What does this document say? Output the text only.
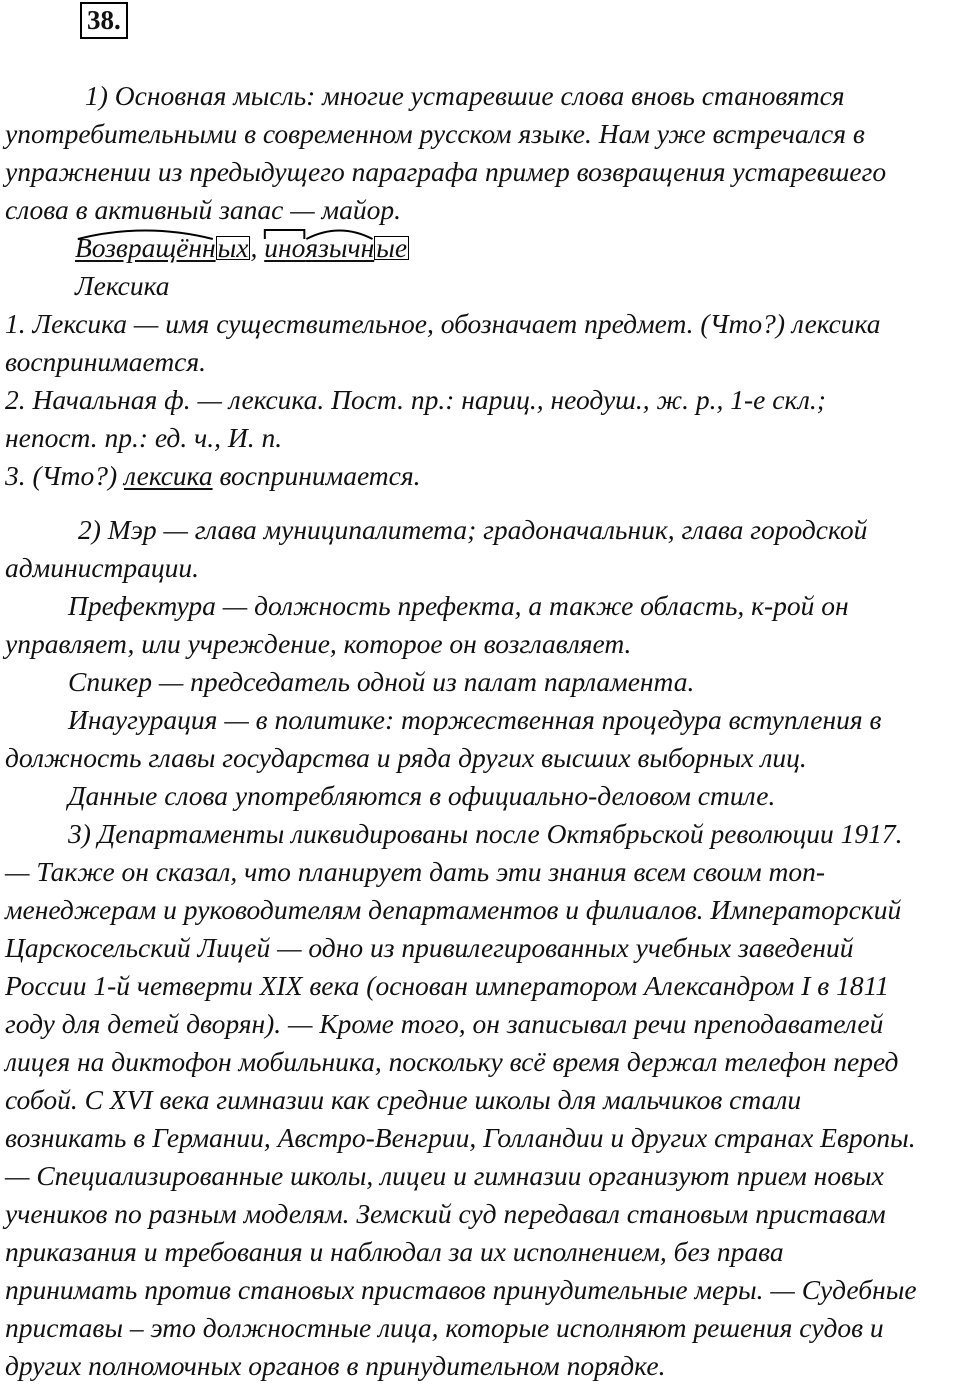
38.
1) Основная мысль: многие устаревшие слова вновь становятся
употребительными в современном русском языке. Нам уже встречался в
упражнении из предыдущего параграфа пример возвращения устаревшего
слова в активный запас — майор.
Возвращённых,
ино
язычные
Лексика
1. Лексика — имя существительное, обозначает предмет. (Что?) лексика
воспринимается.
2. Начальная ф. — лексика. Пост. пр.: нариц., неодуш., ж. р., 1-е скл.;
непост. пр.: ед. ч., И. п.
3. (Что?) лексика воспринимается.
2) Мэр — глава муниципалитета; градоначальник, глава городской
администрации.
Префектура — должность префекта, а также область, к-рой он
управляет, или учреждение, которое он возглавляет.
Спикер — председатель одной из палат парламента.
Инаугурация — в политике: торжественная процедура вступления в
должность главы государства и ряда других высших выборных лиц.
Данные слова употребляются в официально-деловом стиле.
3) Департаменты ликвидированы после Октябрьской революции 1917.
— Также он сказал, что планирует дать эти знания всем своим топ-
менеджерам и руководителям департаментов и филиалов. Императорский
Царскосельский Лицей — одно из привилегированных учебных заведений
России 1-й четверти XIX века (основан императором Александром I в 1811
году для детей дворян). — Кроме того, он записывал речи преподавателей
лицея на диктофон мобильника, поскольку всё время держал телефон перед
собой. С XVI века гимназии как средние школы для мальчиков стали
возникать в Германии, Австро-Венгрии, Голландии и других странах Европы.
— Специализированные школы, лицеи и гимназии организуют прием новых
учеников по разным моделям. Земский суд передавал становым приставам
приказания и требования и наблюдал за их исполнением, без права
принимать против становых приставов принудительные меры. — Судебные
приставы – это должностные лица, которые исполняют решения судов и
других полномочных органов в принудительном порядке.
